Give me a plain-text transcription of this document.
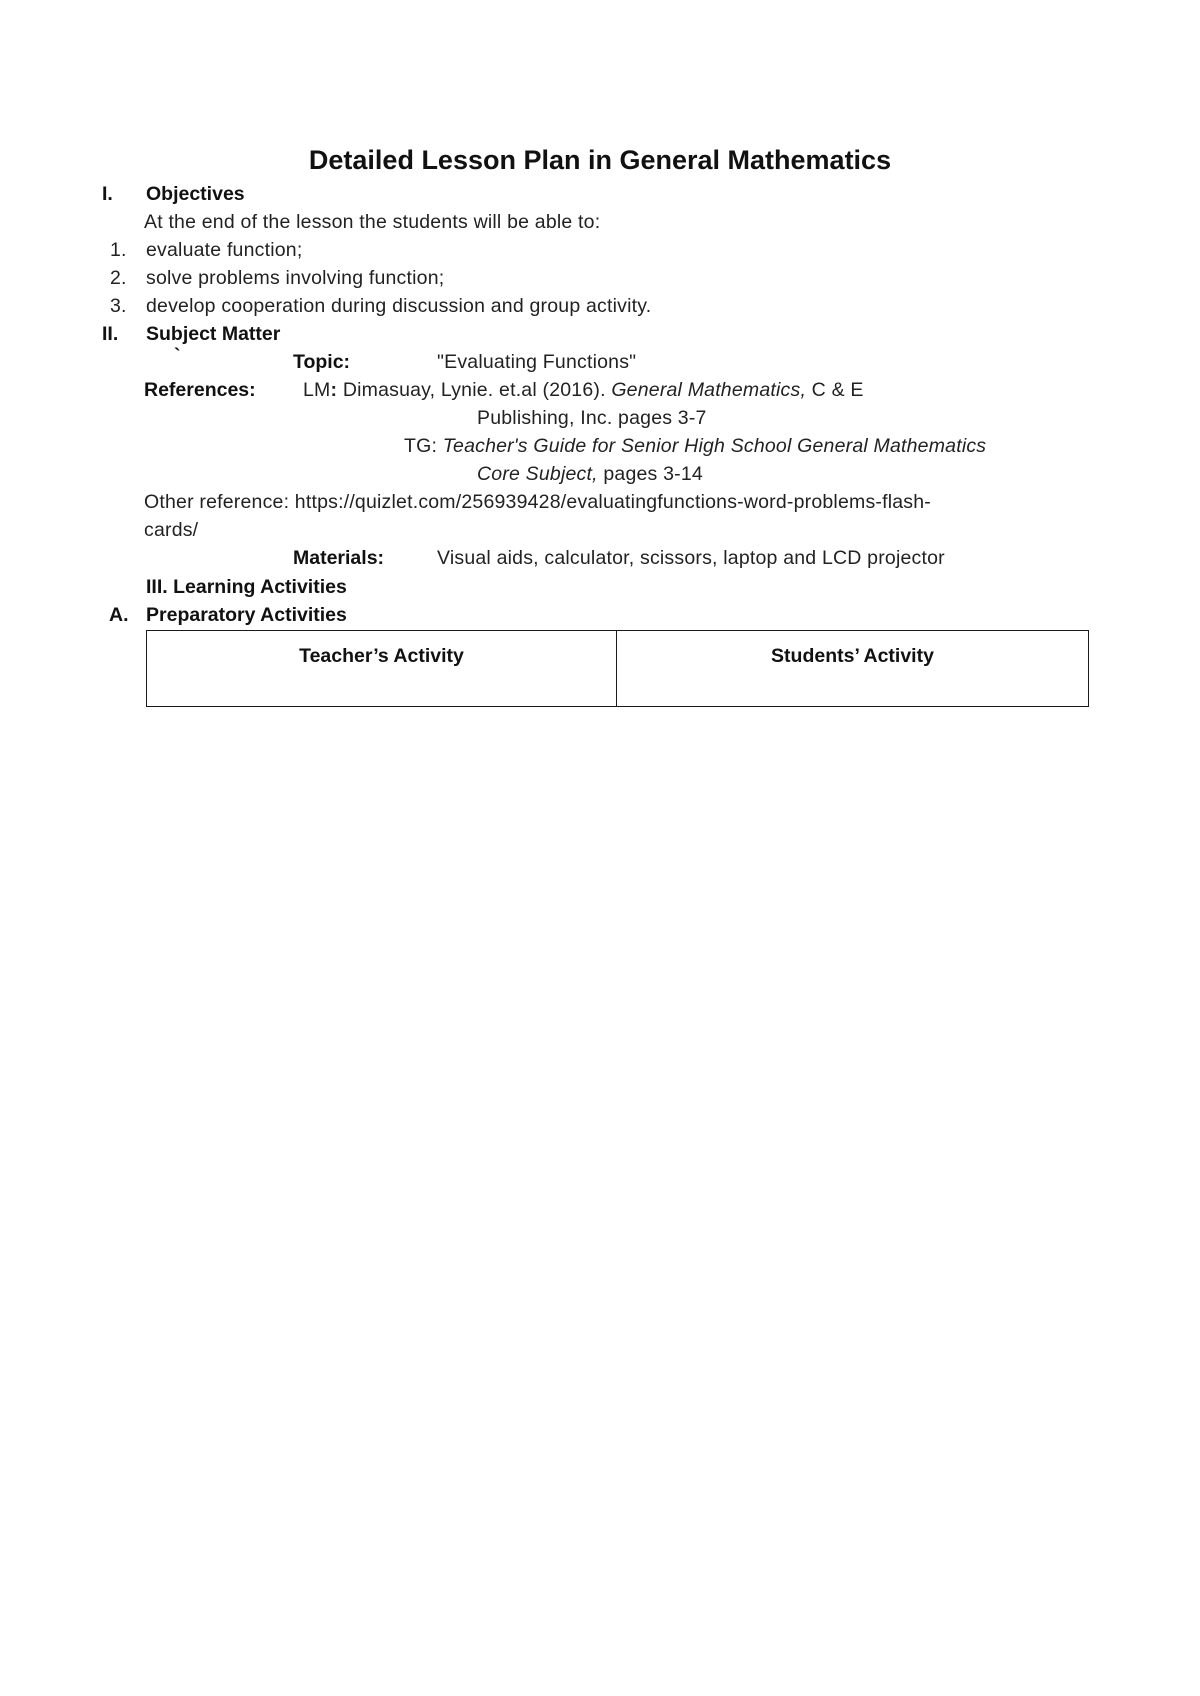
Detailed Lesson Plan in General Mathematics
I. Objectives
At the end of the lesson the students will be able to:
1. evaluate function;
2. solve problems involving function;
3. develop cooperation during discussion and group activity.
II. Subject Matter
`	Topic:	"Evaluating Functions"
References: LM: Dimasuay, Lynie. et.al (2016). General Mathematics, C & E
Publishing, Inc. pages 3-7
TG: Teacher's Guide for Senior High School General Mathematics
Core Subject, pages 3-14
Other reference: https://quizlet.com/256939428/evaluatingfunctions-word-problems-flash-
cards/
Materials:	Visual aids, calculator, scissors, laptop and LCD projector
III. Learning Activities
A. Preparatory Activities
Teacher’s Activity	Students’ Activity
